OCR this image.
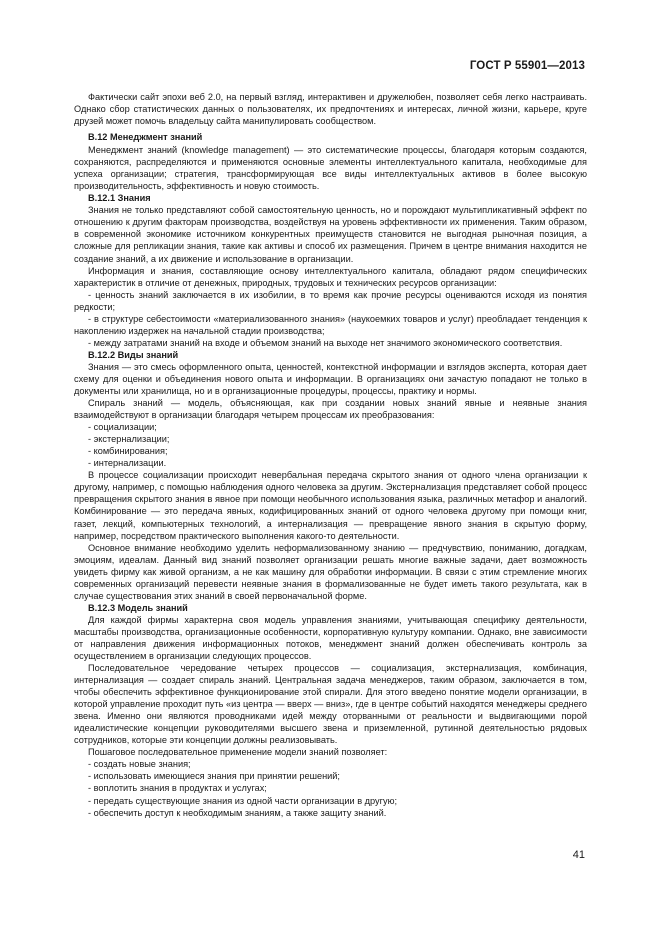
ГОСТ Р 55901—2013

Фактически сайт эпохи веб 2.0, на первый взгляд, интерактивен и дружелюбен, позволяет себя легко настраивать. Однако сбор статистических данных о пользователях, их предпочтениях и интересах, личной жизни, карьере, круге друзей может помочь владельцу сайта манипулировать сообществом.

В.12 Менеджмент знаний

Менеджмент знаний (knowledge management) — это систематические процессы, благодаря которым создаются, сохраняются, распределяются и применяются основные элементы интеллектуального капитала, необходимые для успеха организации; стратегия, трансформирующая все виды интеллектуальных активов в более высокую производительность, эффективность и новую стоимость.

В.12.1 Знания

Знания не только представляют собой самостоятельную ценность, но и порождают мультипликативный эффект по отношению к другим факторам производства, воздействуя на уровень эффективности их применения. Таким образом, в современной экономике источником конкурентных преимуществ становится не выгодная рыночная позиция, а сложные для репликации знания, такие как активы и способ их размещения. Причем в центре внимания находится не создание знаний, а их движение и использование в организации.

Информация и знания, составляющие основу интеллектуального капитала, обладают рядом специфических характеристик в отличие от денежных, природных, трудовых и технических ресурсов организации:

- ценность знаний заключается в их изобилии, в то время как прочие ресурсы оцениваются исходя из понятия редкости;

- в структуре себестоимости «материализованного знания» (наукоемких товаров и услуг) преобладает тенденция к накоплению издержек на начальной стадии производства;

- между затратами знаний на входе и объемом знаний на выходе нет значимого экономического соответствия.

В.12.2 Виды знаний

Знания — это смесь оформленного опыта, ценностей, контекстной информации и взглядов эксперта, которая дает схему для оценки и объединения нового опыта и информации. В организациях они зачастую попадают не только в документы или хранилища, но и в организационные процедуры, процессы, практику и нормы.

Спираль знаний — модель, объясняющая, как при создании новых знаний явные и неявные знания взаимодействуют в организации благодаря четырем процессам их преобразования:

- социализации;

- экстернализации;

- комбинирования;

- интернализации.

В процессе социализации происходит невербальная передача скрытого знания от одного члена организации к другому, например, с помощью наблюдения одного человека за другим. Экстернализация представляет собой процесс превращения скрытого знания в явное при помощи необычного использования языка, различных метафор и аналогий. Комбинирование — это передача явных, кодифицированных знаний от одного человека другому при помощи книг, газет, лекций, компьютерных технологий, а интернализация — превращение явного знания в скрытую форму, например, посредством практического выполнения какого-то деятельности.

Основное внимание необходимо уделить неформализованному знанию — предчувствию, пониманию, догадкам, эмоциям, идеалам. Данный вид знаний позволяет организации решать многие важные задачи, дает возможность увидеть фирму как живой организм, а не как машину для обработки информации. В связи с этим стремление многих современных организаций перевести неявные знания в формализованные не будет иметь такого результата, как в случае существования этих знаний в своей первоначальной форме.

В.12.3 Модель знаний

Для каждой фирмы характерна своя модель управления знаниями, учитывающая специфику деятельности, масштабы производства, организационные особенности, корпоративную культуру компании. Однако, вне зависимости от направления движения информационных потоков, менеджмент знаний должен обеспечивать контроль за осуществлением в организации следующих процессов.

Последовательное чередование четырех процессов — социализация, экстернализация, комбинация, интернализация — создает спираль знаний. Центральная задача менеджеров, таким образом, заключается в том, чтобы обеспечить эффективное функционирование этой спирали. Для этого введено понятие модели организации, в которой управление проходит путь «из центра — вверх — вниз», где в центре событий находятся менеджеры среднего звена. Именно они являются проводниками идей между оторванными от реальности и выдвигающими порой идеалистические концепции руководителями высшего звена и приземленной, рутинной деятельностью рядовых сотрудников, которые эти концепции должны реализовывать.

Пошаговое последовательное применение модели знаний позволяет:

- создать новые знания;

- использовать имеющиеся знания при принятии решений;

- воплотить знания в продуктах и услугах;

- передать существующие знания из одной части организации в другую;

- обеспечить доступ к необходимым знаниям, а также защиту знаний.

41
